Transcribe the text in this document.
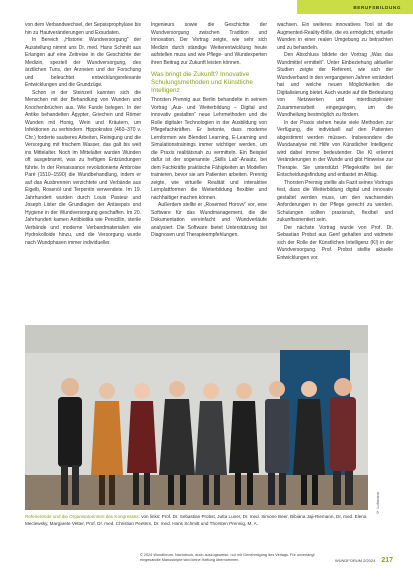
BERUFSBILDUNG

von dem Verbandwechsel, der Sepsisprophylaxe bis hin zu Hautveränderungen und Exsudaten.

In Bereich „Historie: Wundversorgung“ der Ausstellung nimmt uns Dr. med. Hans Schmitt aus Erlangen auf eine Zeitreise in die Geschichte der Medizin, speziell der Wundversorgung, des ärztlichen Tuns, der Arzneien und der Forschung und beleuchtet entwicklungsrelevante Entwicklungen und die Grundzüge.

Schon in der Steinzeit kannten sich die Menschen mit der Behandlung von Wunden und Knochenbrüchen aus. Wie Funde belegen. In der Antike behandelten Ägypter, Griechen und Römer Wunden mit Honig, Wein und Kräutern, um Infektionen zu verhindern. Hippokrates (460–370 v. Chr.) forderte sauberes Arbeiten, Reinigung und die Versorgung mit frischem Wasser, das galt bis weit ins Mittelalter. Noch im Mittelalter wurden Wunden oft ausgebrannt, was zu heftigen Entzündungen führte. In der Renaissance revolutionierte Ambroise Paré (1510–1590) die Wundbehandlung, indem er auf das Ausbrennen verzichtete und Verbände aus Eigelb, Rosenöl und Terpentin verwendete. Im 19. Jahrhundert wurden durch Louis Pasteur und Joseph Lister die Grundlagen der Antisepsis und Hygiene in der Wundversorgung geschaffen. Im 20. Jahrhundert kamen Antibiotika wie Penicillin, sterile Verbände und moderne Verbandmaterialien wie Hydrokolloide hinzu, und die Versorgung wurde nach Wundphasen immer individueller.

Ingenieurs sowie die Geschichte der Wundversorgung zwischen Tradition und Innovation. Der Vortrag zeigte, wie sehr sich Medizin durch ständige Weiterentwicklung heute aufstellen muss und wie Pflege- und Wundexperten ihren Beitrag zur Zukunft leisten können.

Was bringt die Zukunft? Innovative Schulungsmethoden und Künstliche Intelligenz

Thorsten Prennig aus Berlin behandelte in seinem Vortrag „Aus- und Weiterbildung – Digital und innovativ gestalten“ neue Lehrmethoden und die Rolle digitaler Technologien in der Ausbildung von Pflegefachkräften. Er betonte, dass moderne Lernformen wie Blended Learning, E-Learning und Simulationstrainings immer wichtiger werden, um die Praxis realitätsnah zu vermitteln. Ein Beispiel dafür ist der sogenannte „Skills Lab“-Ansatz, bei dem Fachkräfte praktische Fähigkeiten an Modellen trainieren, bevor sie am Patienten arbeiten. Prennig zeigte, wie virtuelle Realität und interaktive Lernplattformen die Weiterbildung flexibler und nachhaltiger machen können.

Außerdem stellte er „Rosemed Horovv“ vor, eine Software für das Wundmanagement, die die Dokumentation vereinfacht und Wundverläufe analysiert. Die Software bietet Unterstützung bei Diagnosen und Therapieempfehlungen.

wachsen. Ein weiteres innovatives Tool ist die Augmented-Reality-Brille, die es ermöglicht, virtuelle Wunden in einer realen Umgebung zu betrachten und zu behandeln.

Den Abschluss bildete der Vortrag „Was das Wundmittel ermittelt“. Unter Einbeziehung aktueller Studien zeigte der Referent, wie sich der Wundverband in den vergangenen Jahren verändert hat und welche neuen Möglichkeiten die Digitalisierung bietet. Auch wurde auf die Bedeutung von Netzwerken und interdisziplinärer Zusammenarbeit eingegangen, um die Wundheilung bestmöglich zu fördern.

In der Praxis stehen heute viele Methoden zur Verfügung, die individuell auf den Patienten abgestimmt werden müssen. Insbesondere die Wundanalyse mit Hilfe von Künstlicher Intelligenz wird dabei immer bedeutender. Die KI erkennt Veränderungen in der Wunde und gibt Hinweise zur Therapie. Sie unterstützt Pflegekräfte bei der Entscheidungsfindung und entlastet im Alltag.

Thorsten Prennig stellte als Fazit seines Vortrags fest, dass die Weiterbildung digital und innovativ gestaltet werden muss, um den wachsenden Anforderungen in der Pflege gerecht zu werden. Schulungen sollten praxisnah, flexibel und zukunftsorientiert sein.

Der nächste Vortrag wurde von Prof. Dr. Sebastian Probst aus Genf gehalten und widmete sich der Rolle der Künstlichen Intelligenz (KI) in der Wundversorgung. Prof. Probst stellte aktuelle Entwicklungen vor.

© Lohmann
Referierende und die Organisatorinnen des Kongresses: von links: Prof. Dr. Sebastian Probst, Jutta Luner, Dr. med. Simone Beer, Bibiana Jaji-Riemann, Dr. med. Elena Meclewsky, Margarete Vetter, Prof. Dr. med. Christian Peeters, Dr. med. Hans Schmitt und Thorsten Prennig, M. A.
© 2024 Wundforum. Nachdruck, auch auszugsweise, nur mit Genehmigung des Verlags. Für unverlangt eingesandte Manuskripte wird keine Haftung übernommen.	WUNDFORUM 2/2024 217
